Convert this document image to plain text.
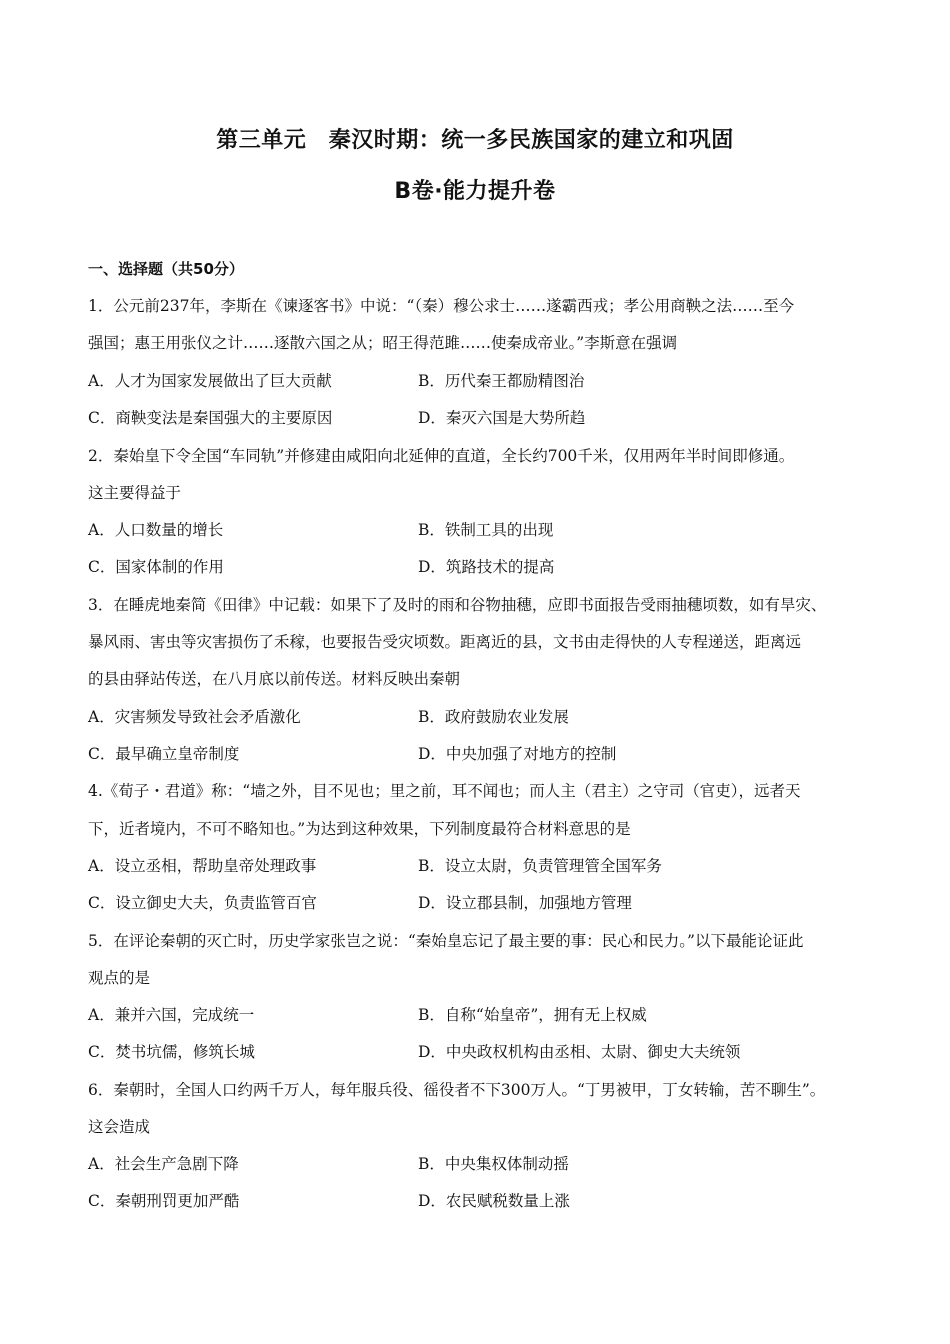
第三单元　秦汉时期：统一多民族国家的建立和巩固
B卷·能力提升卷
一、选择题（共50分）
1．公元前237年，李斯在《谏逐客书》中说：“（秦）穆公求士……遂霸西戎；孝公用商鞅之法……至今
强国；惠王用张仪之计……逐散六国之从；昭王得范雎……使秦成帝业。”李斯意在强调
A．人才为国家发展做出了巨大贡献	B．历代秦王都励精图治
C．商鞅变法是秦国强大的主要原因	D．秦灭六国是大势所趋
2．秦始皇下令全国“车同轨”并修建由咸阳向北延伸的直道，全长约700千米，仅用两年半时间即修通。
这主要得益于
A．人口数量的增长	B．铁制工具的出现
C．国家体制的作用	D．筑路技术的提高
3．在睡虎地秦简《田律》中记载：如果下了及时的雨和谷物抽穗，应即书面报告受雨抽穗顷数，如有旱灾、
暴风雨、害虫等灾害损伤了禾稼，也要报告受灾顷数。距离近的县，文书由走得快的人专程递送，距离远
的县由驿站传送，在八月底以前传送。材料反映出秦朝
A．灾害频发导致社会矛盾激化	B．政府鼓励农业发展
C．最早确立皇帝制度	D．中央加强了对地方的控制
4.《荀子・君道》称：“墙之外，目不见也；里之前，耳不闻也；而人主（君主）之守司（官吏），远者天
下，近者境内，不可不略知也。”为达到这种效果，下列制度最符合材料意思的是
A．设立丞相，帮助皇帝处理政事	B．设立太尉，负责管理管全国军务
C．设立御史大夫，负责监管百官	D．设立郡县制，加强地方管理
5．在评论秦朝的灭亡时，历史学家张岂之说：“秦始皇忘记了最主要的事：民心和民力。”以下最能论证此
观点的是
A．兼并六国，完成统一	B．自称“始皇帝”，拥有无上权威
C．焚书坑儒，修筑长城	D．中央政权机构由丞相、太尉、御史大夫统领
6．秦朝时，全国人口约两千万人，每年服兵役、徭役者不下300万人。“丁男被甲，丁女转输，苦不聊生”。
这会造成
A．社会生产急剧下降	B．中央集权体制动摇
C．秦朝刑罚更加严酷	D．农民赋税数量上涨
